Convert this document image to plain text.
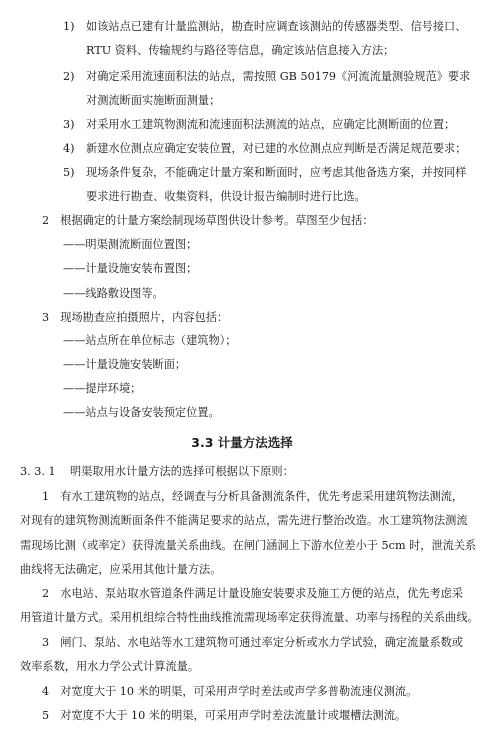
1) 如该站点已建有计量监测站，勘查时应调查该测站的传感器类型、信号接口、
RTU 资料、传输规约与路径等信息，确定该站信息接入方法；
2) 对确定采用流速面积法的站点，需按照 GB 50179《河流流量测验规范》要求
对测流断面实施断面测量；
3) 对采用水工建筑物测流和流速面积法测流的站点，应确定比测断面的位置；
4) 新建水位测点应确定安装位置，对已建的水位测点应判断是否满足规范要求；
5) 现场条件复杂，不能确定计量方案和断面时，应考虑其他备选方案，并按同样
要求进行勘查、收集资料，供设计报告编制时进行比选。
2　根据确定的计量方案绘制现场草图供设计参考。草图至少包括：
——明渠测流断面位置图；
——计量设施安装布置图；
——线路敷设图等。
3　现场勘查应拍摄照片，内容包括：
——站点所在单位标志（建筑物）；
——计量设施安装断面；
——提岸环境；
——站点与设备安装预定位置。
3.3 计量方法选择
3. 3. 1 明渠取用水计量方法的选择可根据以下原则：
1　有水工建筑物的站点，经调查与分析具备测流条件，优先考虑采用建筑物法测流，
对现有的建筑物测流断面条件不能满足要求的站点，需先进行整治改造。水工建筑物法测流
需现场比测（或率定）获得流量关系曲线。在闸门涵洞上下游水位差小于 5cm 时，泄流关系
曲线将无法确定，应采用其他计量方法。
2　水电站、泵站取水管道条件满足计量设施安装要求及施工方便的站点，优先考虑采
用管道计量方式。采用机组综合特性曲线推流需现场率定获得流量、功率与扬程的关系曲线。
3　闸门、泵站、水电站等水工建筑物可通过率定分析或水力学试验，确定流量系数或
效率系数，用水力学公式计算流量。
4　对宽度大于 10 米的明渠，可采用声学时差法或声学多普勒流速仪测流。
5　对宽度不大于 10 米的明渠，可采用声学时差法流量计或堰槽法测流。
